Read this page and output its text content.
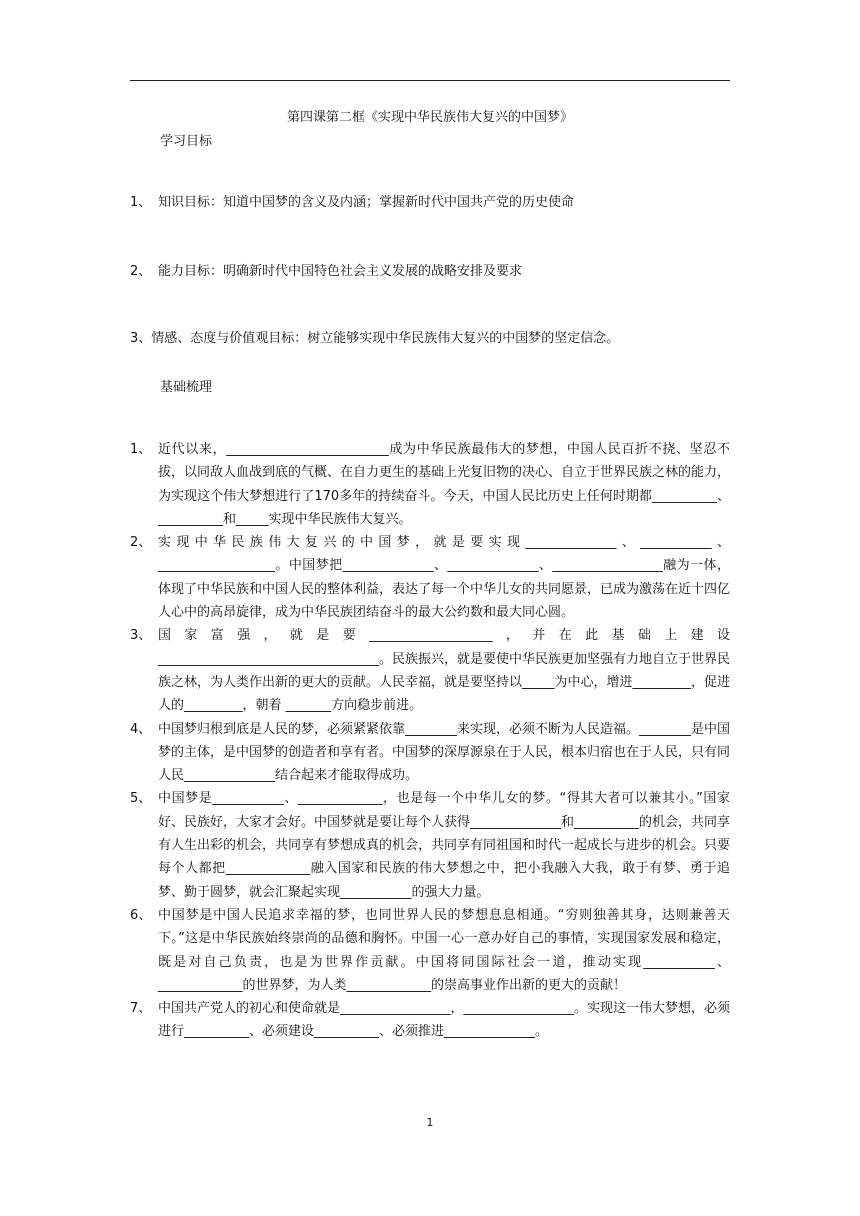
第四课第二框《实现中华民族伟大复兴的中国梦》
学习目标
1、 知识目标：知道中国梦的含义及内涵；掌握新时代中国共产党的历史使命
2、 能力目标：明确新时代中国特色社会主义发展的战略安排及要求
3、情感、态度与价值观目标：树立能够实现中华民族伟大复兴的中国梦的坚定信念。
基础梳理
1、 近代以来，_________________________成为中华民族最伟大的梦想，中国人民百折不挠、坚忍不拔，以同敌人血战到底的气概、在自力更生的基础上光复旧物的决心、自立于世界民族之林的能力，为实现这个伟大梦想进行了170多年的持续奋斗。今天，中国人民比历史上任何时期都__________、__________和_____实现中华民族伟大复兴。
2、 实现中华民族伟大复兴的中国梦，就是要实现______________、___________、__________________。中国梦把______________、______________、_________________融为一体，体现了中华民族和中国人民的整体利益，表达了每一个中华儿女的共同愿景，已成为激荡在近十四亿人心中的高昂旋律，成为中华民族团结奋斗的最大公约数和最大同心圆。
3、 国家富强，就是要___________________，并在此基础上建设__________________________________。民族振兴，就是要使中华民族更加坚强有力地自立于世界民族之林，为人类作出新的更大的贡献。人民幸福，就是要坚持以_____为中心，增进_________，促进人的_________，朝着 _______方向稳步前进。
4、 中国梦归根到底是人民的梦，必须紧紧依靠________来实现，必须不断为人民造福。________是中国梦的主体，是中国梦的创造者和享有者。中国梦的深厚源泉在于人民，根本归宿也在于人民，只有同人民______________结合起来才能取得成功。
5、 中国梦是___________、_____________，也是每一个中华儿女的梦。“得其大者可以兼其小。”国家好、民族好，大家才会好。中国梦就是要让每个人获得______________和__________的机会，共同享有人生出彩的机会，共同享有梦想成真的机会，共同享有同祖国和时代一起成长与进步的机会。只要每个人都把_____________融入国家和民族的伟大梦想之中，把小我融入大我，敢于有梦、勇于追梦、勤于圆梦，就会汇聚起实现___________的强大力量。
6、 中国梦是中国人民追求幸福的梦，也同世界人民的梦想息息相通。“穷则独善其身，达则兼善天下。”这是中华民族始终崇尚的品德和胸怀。中国一心一意办好自己的事情，实现国家发展和稳定，既是对自己负责，也是为世界作贡献。中国将同国际社会一道，推动实现___________、_____________的世界梦，为人类_____________的崇高事业作出新的更大的贡献！
7、 中国共产党人的初心和使命就是_________________，_________________。实现这一伟大梦想，必须进行__________、必须建设__________、必须推进______________。
1
